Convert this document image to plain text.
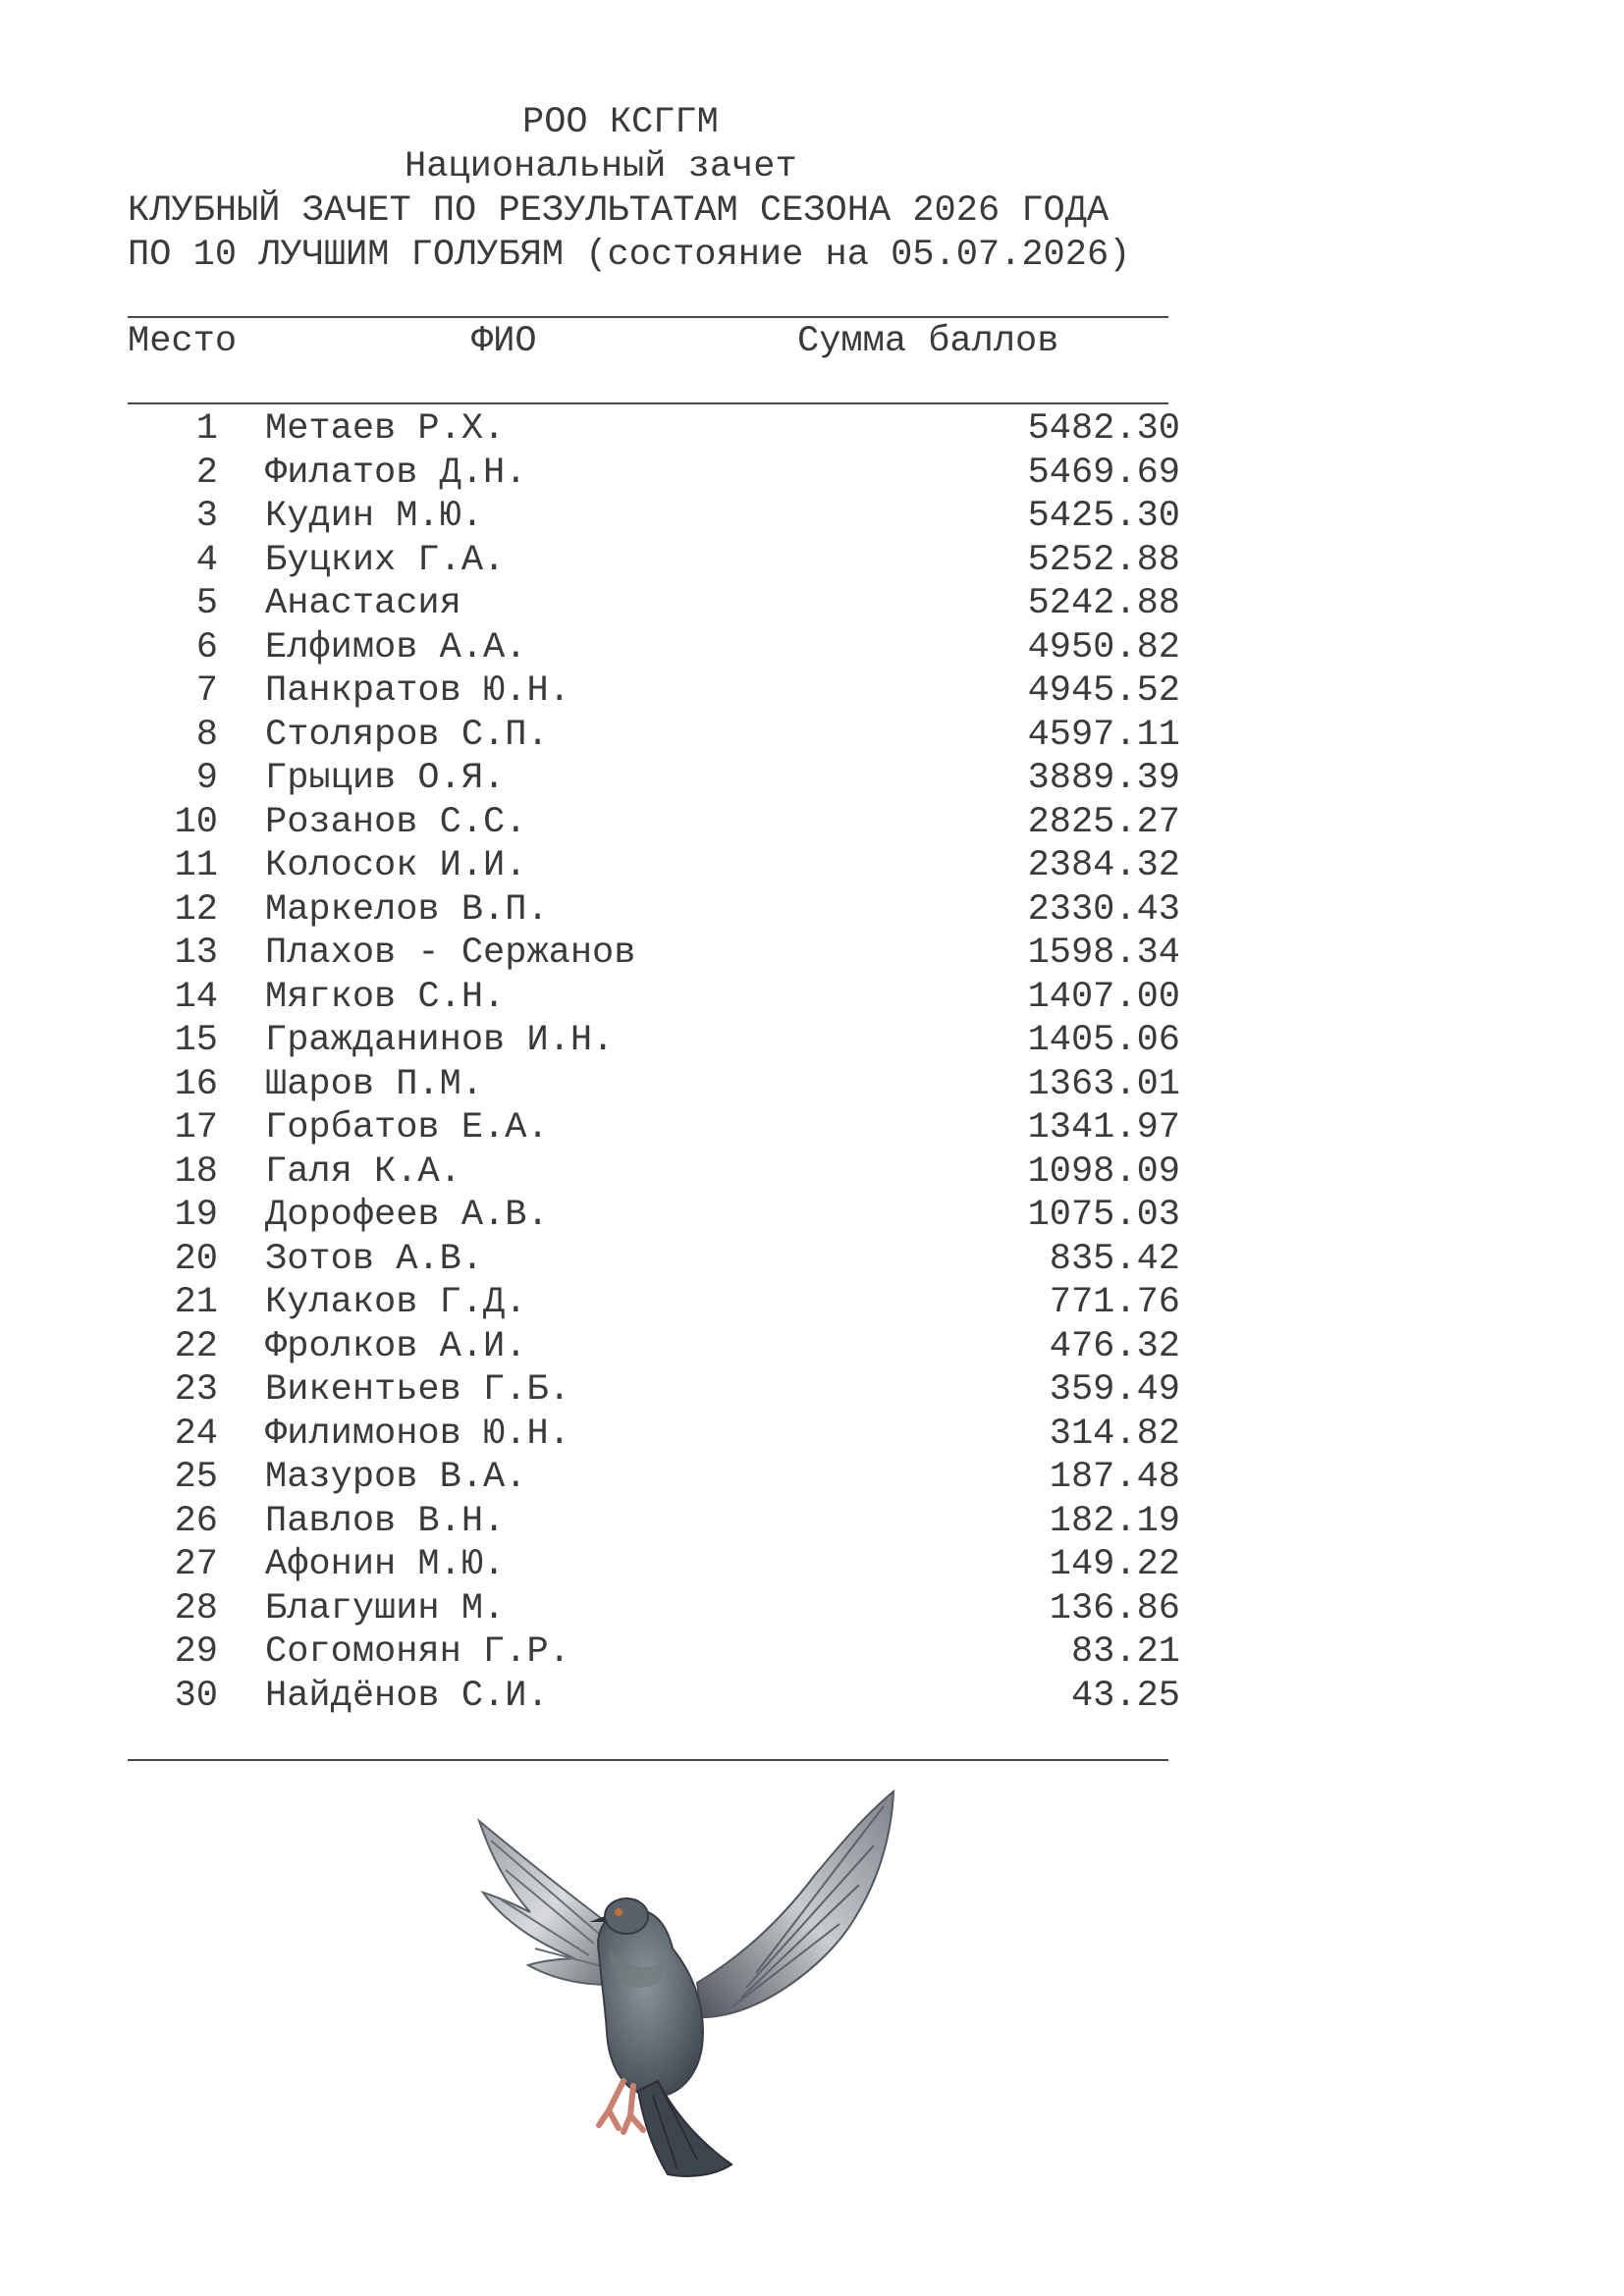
РОО КСГГМ
Национальный зачет
КЛУБНЫЙ ЗАЧЕТ ПО РЕЗУЛЬТАТАМ СЕЗОНА 2026 ГОДА
ПО 10 ЛУЧШИМ ГОЛУБЯМ (состояние на 05.07.2026)
Место	ФИО	Сумма баллов
1 Метаев Р.Х.	5482.30
2 Филатов Д.Н.	5469.69
3 Кудин М.Ю.	5425.30
4 Буцких Г.А.	5252.88
5 Анастасия	5242.88
6 Елфимов А.А.	4950.82
7 Панкратов Ю.Н.	4945.52
8 Столяров С.П.	4597.11
9 Грыцив О.Я.	3889.39
10 Розанов С.С.	2825.27
11 Колосок И.И.	2384.32
12 Маркелов В.П.	2330.43
13 Плахов - Сержанов	1598.34
14 Мягков С.Н.	1407.00
15 Гражданинов И.Н.	1405.06
16 Шаров П.М.	1363.01
17 Горбатов Е.А.	1341.97
18 Галя К.А.	1098.09
19 Дорофеев А.В.	1075.03
20 Зотов А.В.	835.42
21 Кулаков Г.Д.	771.76
22 Фролков А.И.	476.32
23 Викентьев Г.Б.	359.49
24 Филимонов Ю.Н.	314.82
25 Мазуров В.А.	187.48
26 Павлов В.Н.	182.19
27 Афонин М.Ю.	149.22
28 Благушин М.	136.86
29 Согомонян Г.Р.	83.21
30 Найдёнов С.И.	43.25
